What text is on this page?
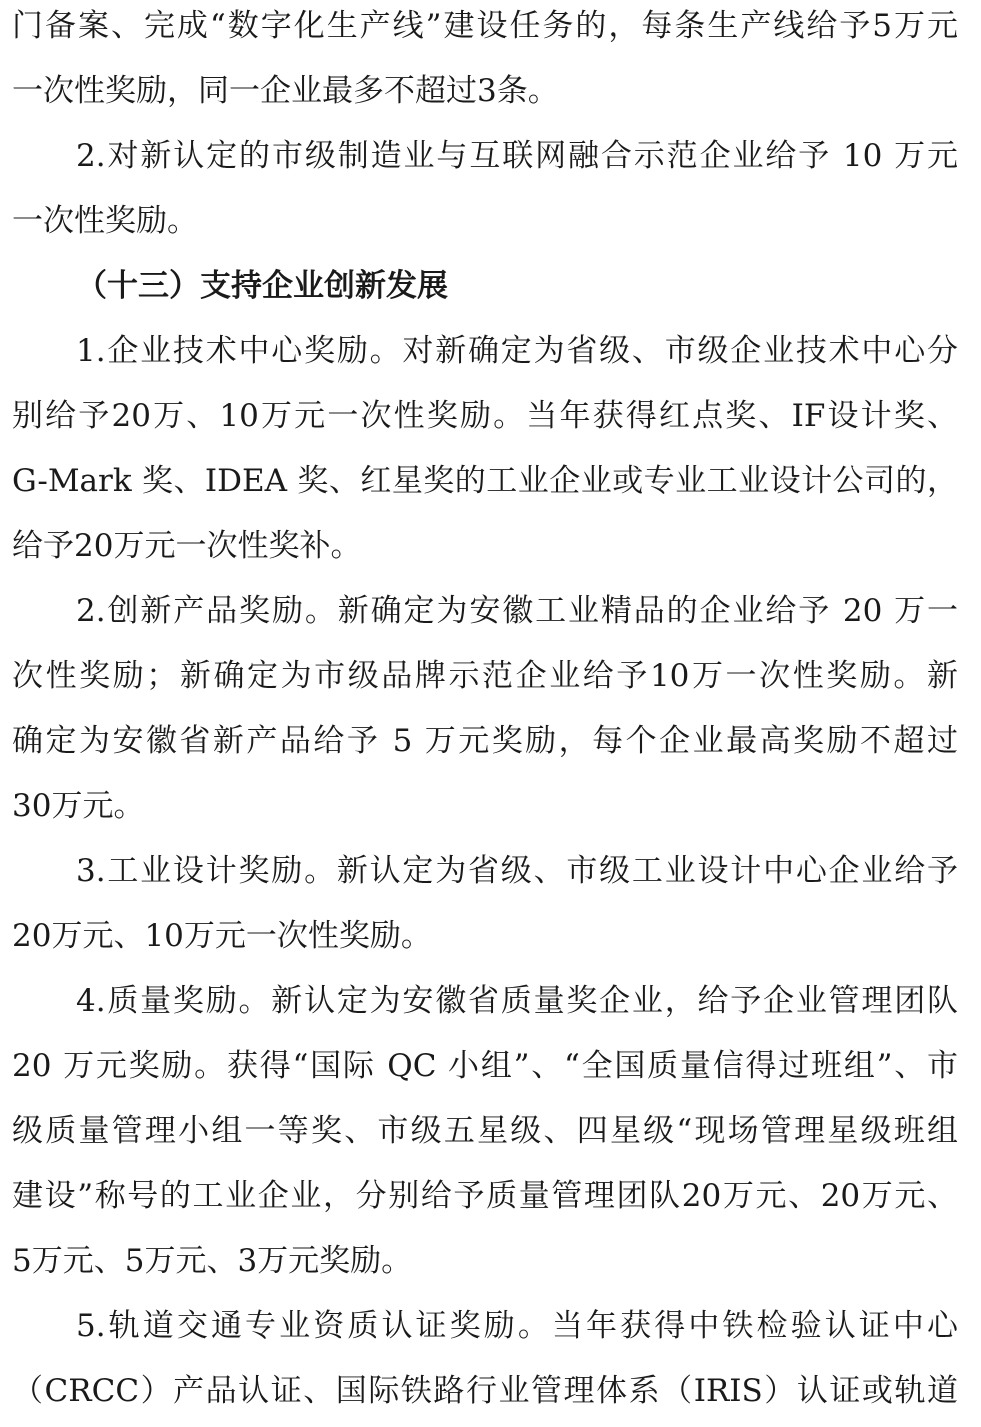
门备案、完成“数字化生产线”建设任务的，每条生产线给予5万元
一次性奖励，同一企业最多不超过3条。
2.对新认定的市级制造业与互联网融合示范企业给予 10 万元
一次性奖励。
（十三）支持企业创新发展
1.企业技术中心奖励。对新确定为省级、市级企业技术中心分
别给予20万、10万元一次性奖励。当年获得红点奖、IF设计奖、
G-Mark 奖、IDEA 奖、红星奖的工业企业或专业工业设计公司的，
给予20万元一次性奖补。
2.创新产品奖励。新确定为安徽工业精品的企业给予 20 万一
次性奖励；新确定为市级品牌示范企业给予10万一次性奖励。新
确定为安徽省新产品给予 5 万元奖励，每个企业最高奖励不超过
30万元。
3.工业设计奖励。新认定为省级、市级工业设计中心企业给予
20万元、10万元一次性奖励。
4.质量奖励。新认定为安徽省质量奖企业，给予企业管理团队
20 万元奖励。获得“国际 QC 小组”、“全国质量信得过班组”、市
级质量管理小组一等奖、市级五星级、四星级“现场管理星级班组
建设”称号的工业企业，分别给予质量管理团队20万元、20万元、
5万元、5万元、3万元奖励。
5.轨道交通专业资质认证奖励。当年获得中铁检验认证中心
（CRCC）产品认证、国际铁路行业管理体系（IRIS）认证或轨道
